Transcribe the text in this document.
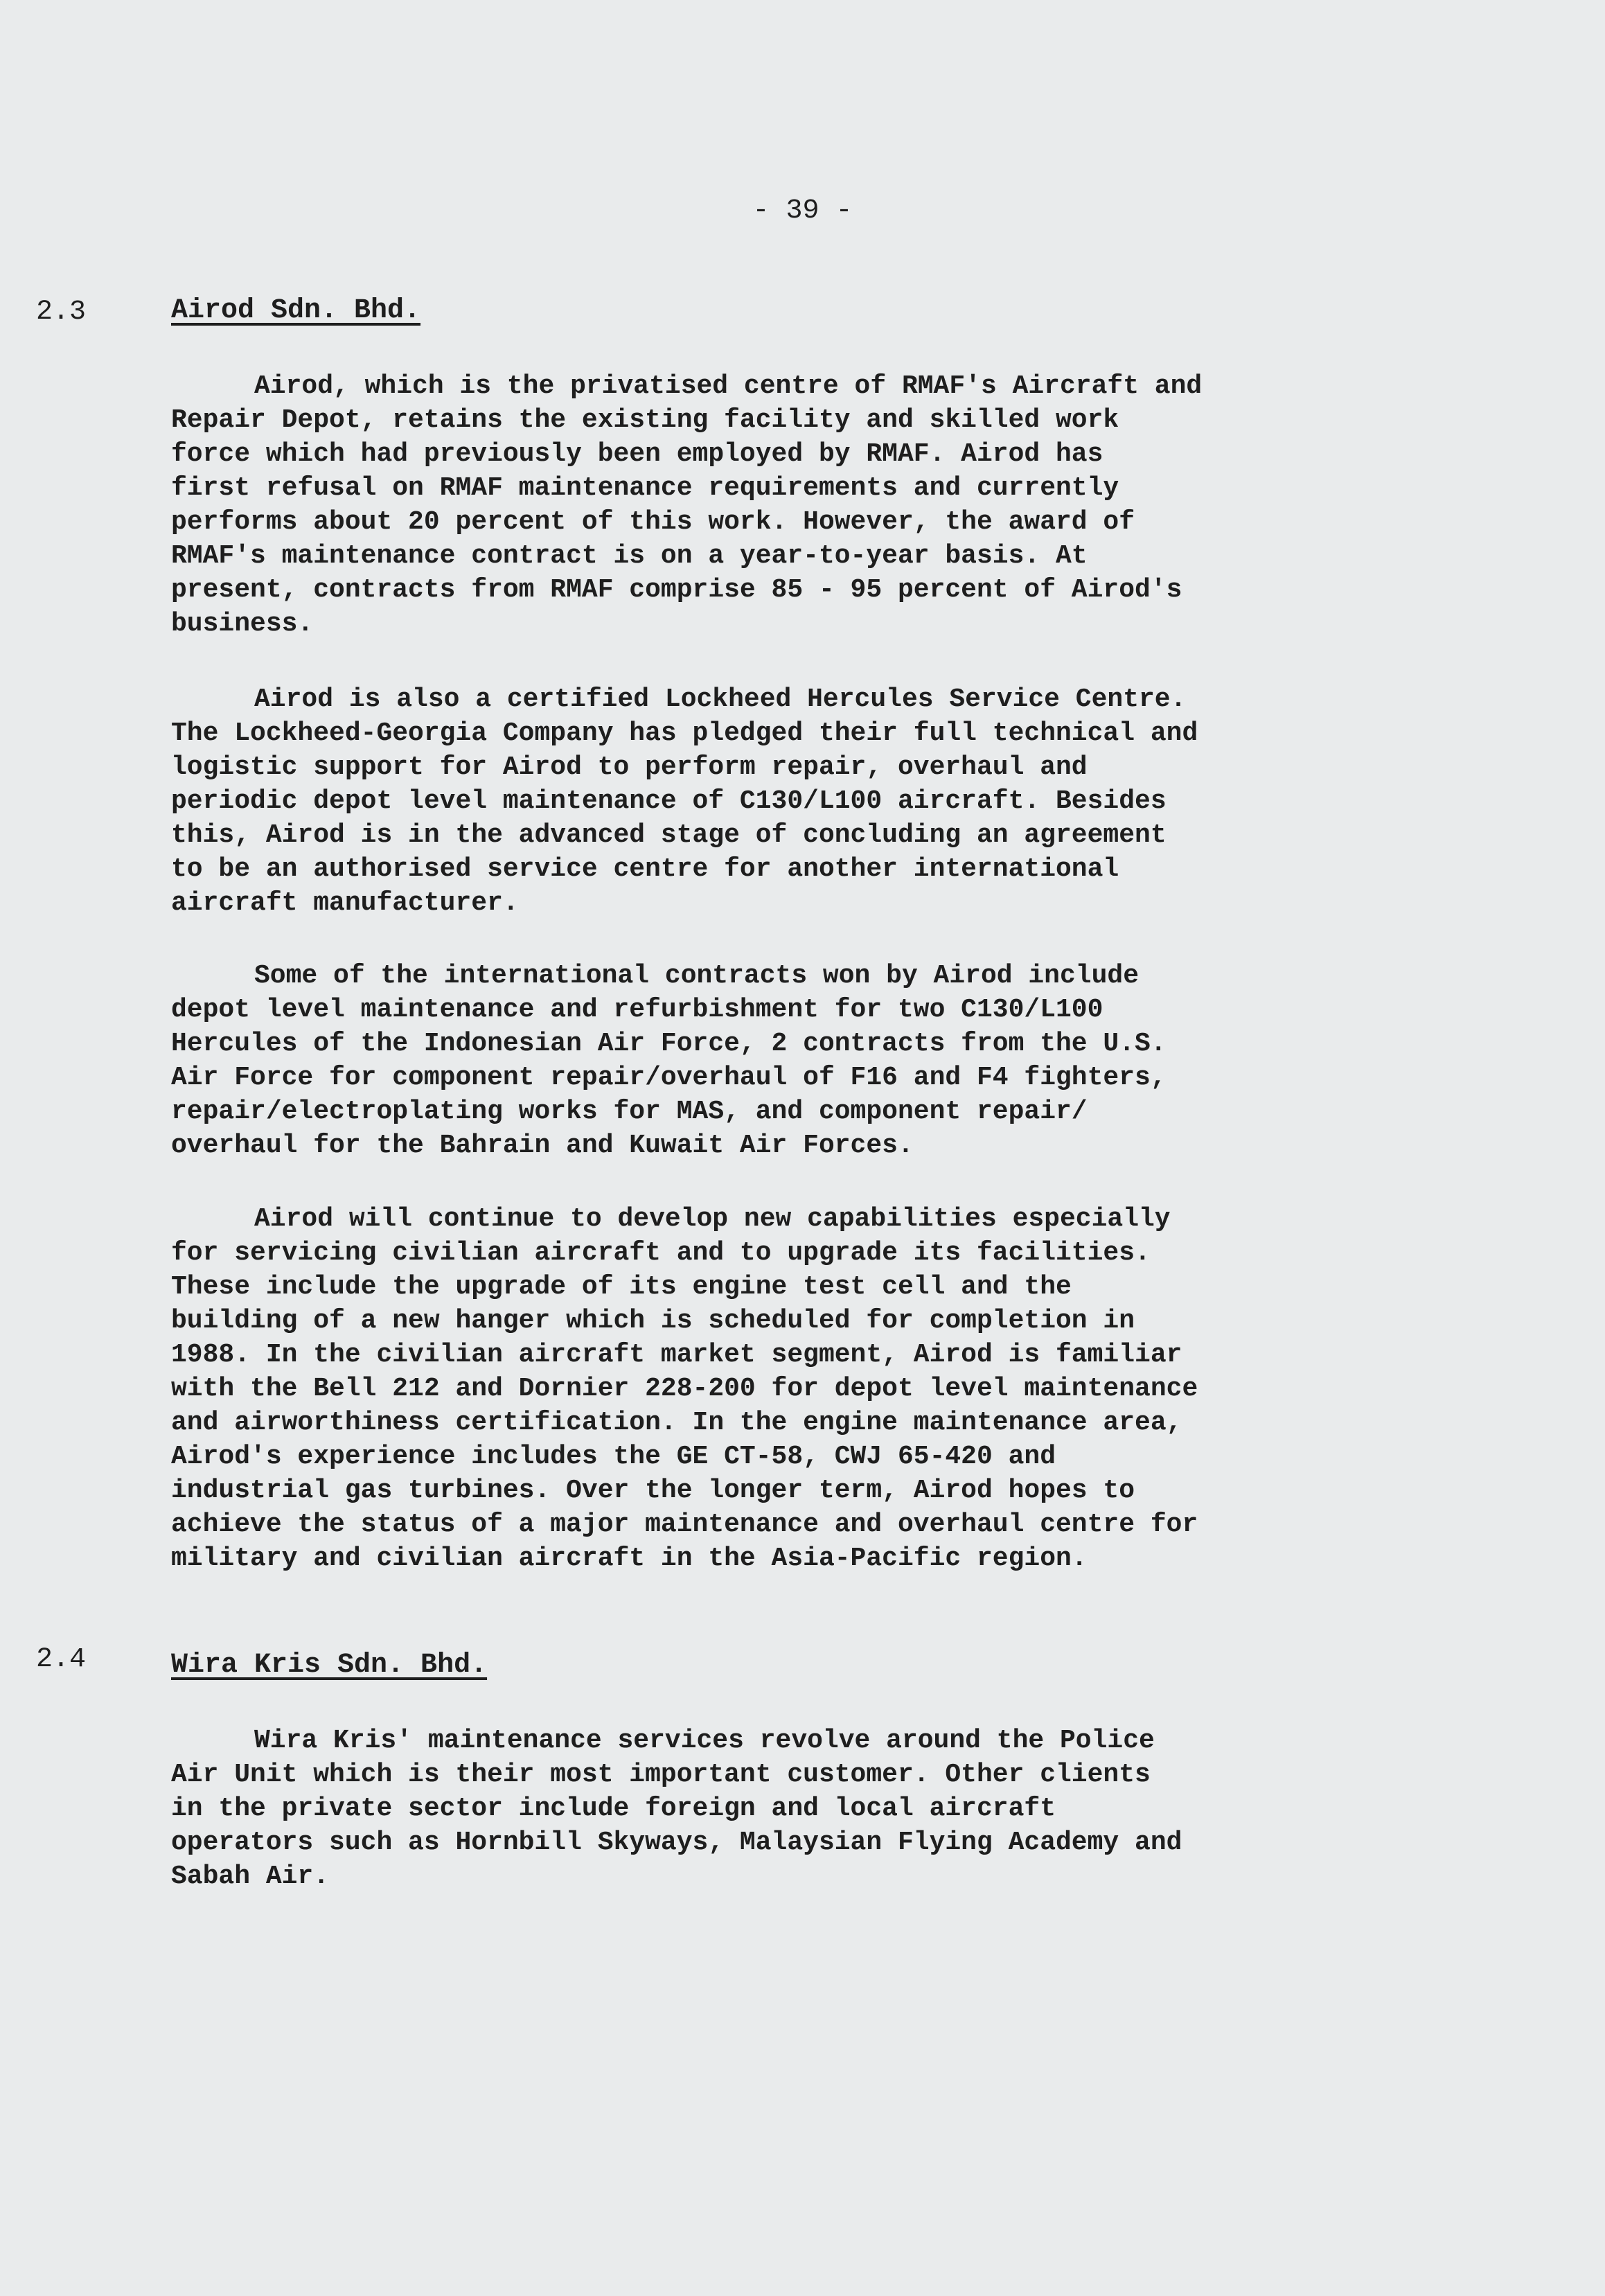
- 39 -
2.3	Airod Sdn. Bhd.

Airod, which is the privatised centre of RMAF's Aircraft and
Repair Depot, retains the existing facility and skilled work
force which had previously been employed by RMAF. Airod has
first refusal on RMAF maintenance requirements and currently
performs about 20 percent of this work. However, the award of
RMAF's maintenance contract is on a year-to-year basis. At
present, contracts from RMAF comprise 85 - 95 percent of Airod's
business.

Airod is also a certified Lockheed Hercules Service Centre.
The Lockheed-Georgia Company has pledged their full technical and
logistic support for Airod to perform repair, overhaul and
periodic depot level maintenance of C130/L100 aircraft. Besides
this, Airod is in the advanced stage of concluding an agreement
to be an authorised service centre for another international
aircraft manufacturer.

Some of the international contracts won by Airod include
depot level maintenance and refurbishment for two C130/L100
Hercules of the Indonesian Air Force, 2 contracts from the U.S.
Air Force for component repair/overhaul of F16 and F4 fighters,
repair/electroplating works for MAS, and component repair/
overhaul for the Bahrain and Kuwait Air Forces.

Airod will continue to develop new capabilities especially
for servicing civilian aircraft and to upgrade its facilities.
These include the upgrade of its engine test cell and the
building of a new hanger which is scheduled for completion in
1988. In the civilian aircraft market segment, Airod is familiar
with the Bell 212 and Dornier 228-200 for depot level maintenance
and airworthiness certification. In the engine maintenance area,
Airod's experience includes the GE CT-58, CWJ 65-420 and
industrial gas turbines. Over the longer term, Airod hopes to
achieve the status of a major maintenance and overhaul centre for
military and civilian aircraft in the Asia-Pacific region.

2.4	Wira Kris Sdn. Bhd.

Wira Kris' maintenance services revolve around the Police
Air Unit which is their most important customer. Other clients
in the private sector include foreign and local aircraft
operators such as Hornbill Skyways, Malaysian Flying Academy and
Sabah Air.
